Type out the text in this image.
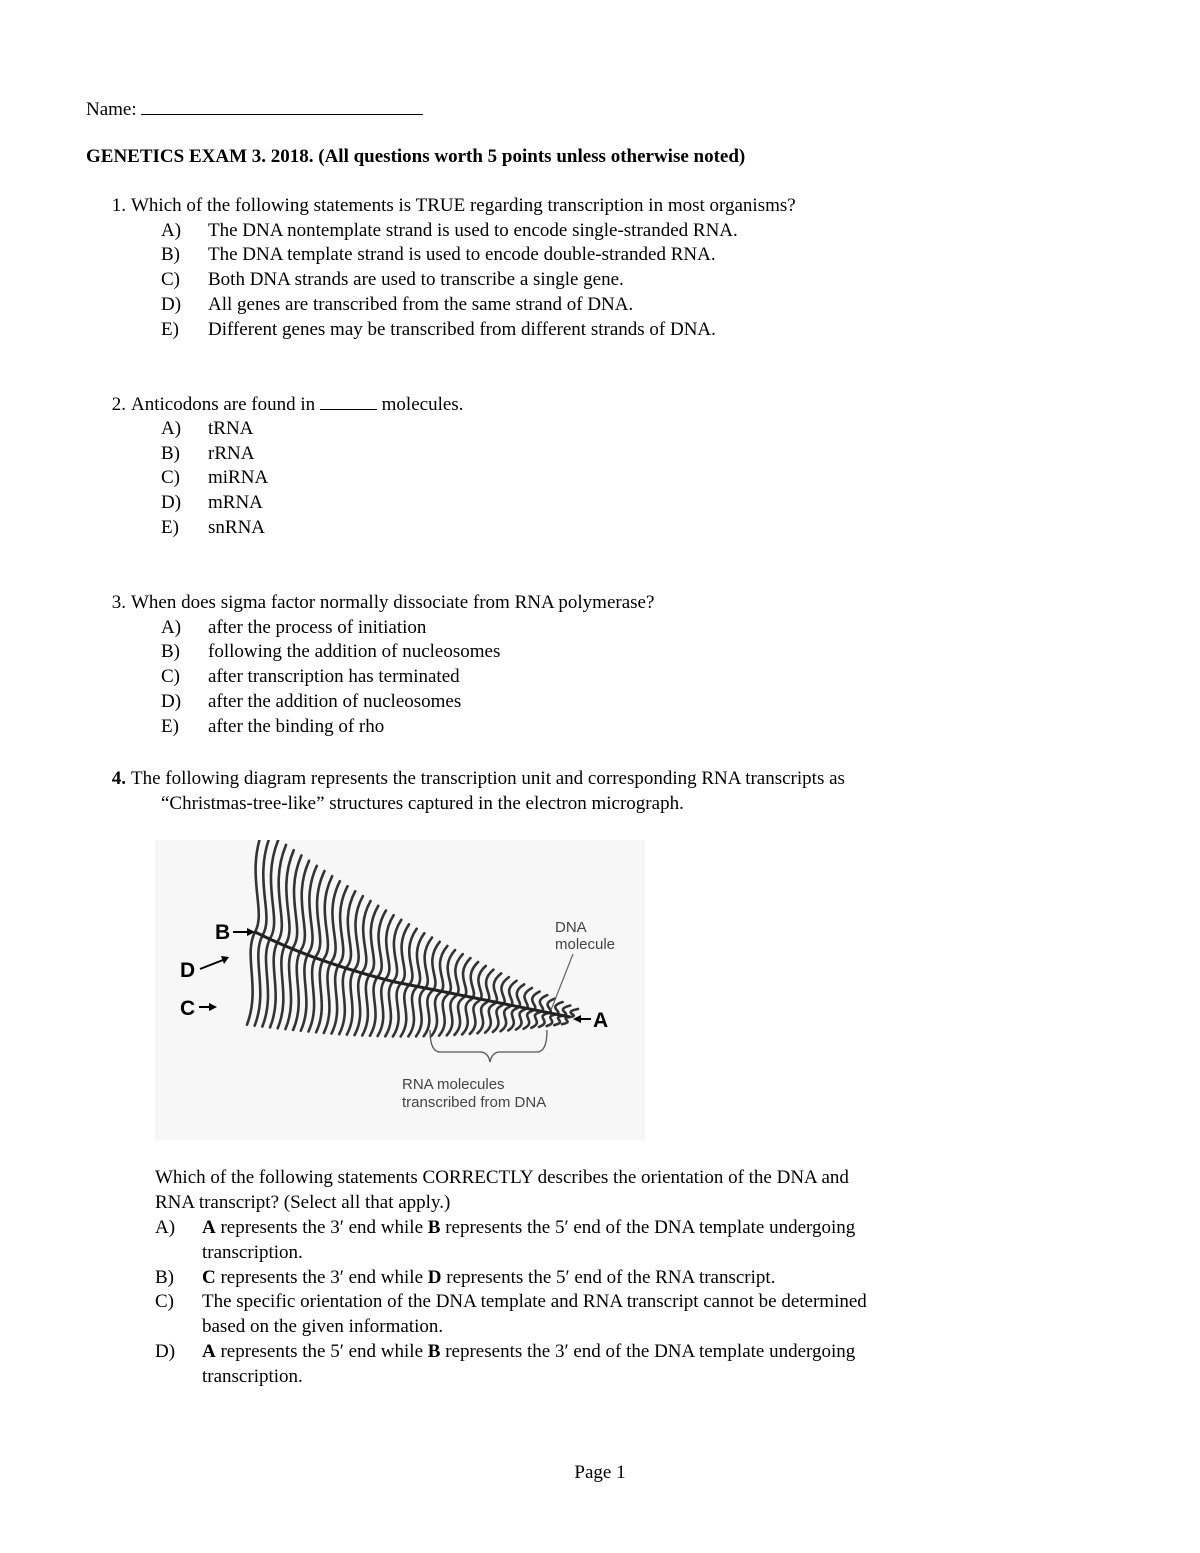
Name:
GENETICS EXAM 3. 2018. (All questions worth 5 points unless otherwise noted)
1. Which of the following statements is TRUE regarding transcription in most organisms?
A) The DNA nontemplate strand is used to encode single-stranded RNA.
B) The DNA template strand is used to encode double-stranded RNA.
C) Both DNA strands are used to transcribe a single gene.
D) All genes are transcribed from the same strand of DNA.
E) Different genes may be transcribed from different strands of DNA.
2. Anticodons are found in	molecules.
A) tRNA
B) rRNA
C) miRNA
D) mRNA
E) snRNA
3. When does sigma factor normally dissociate from RNA polymerase?
A) after the process of initiation
B) following the addition of nucleosomes
C) after transcription has terminated
D) after the addition of nucleosomes
E) after the binding of rho
4. The following diagram represents the transcription unit and corresponding RNA transcripts as
“Christmas-tree-like” structures captured in the electron micrograph.
B
D
C
A
DNA
molecule
RNA molecules
transcribed from DNA
Which of the following statements CORRECTLY describes the orientation of the DNA and
RNA transcript? (Select all that apply.)
A) A represents the 3′ end while B represents the 5′ end of the DNA template undergoing
transcription.
B) C represents the 3′ end while D represents the 5′ end of the RNA transcript.
C) The specific orientation of the DNA template and RNA transcript cannot be determined
based on the given information.
D) A represents the 5′ end while B represents the 3′ end of the DNA template undergoing
transcription.
Page 1
